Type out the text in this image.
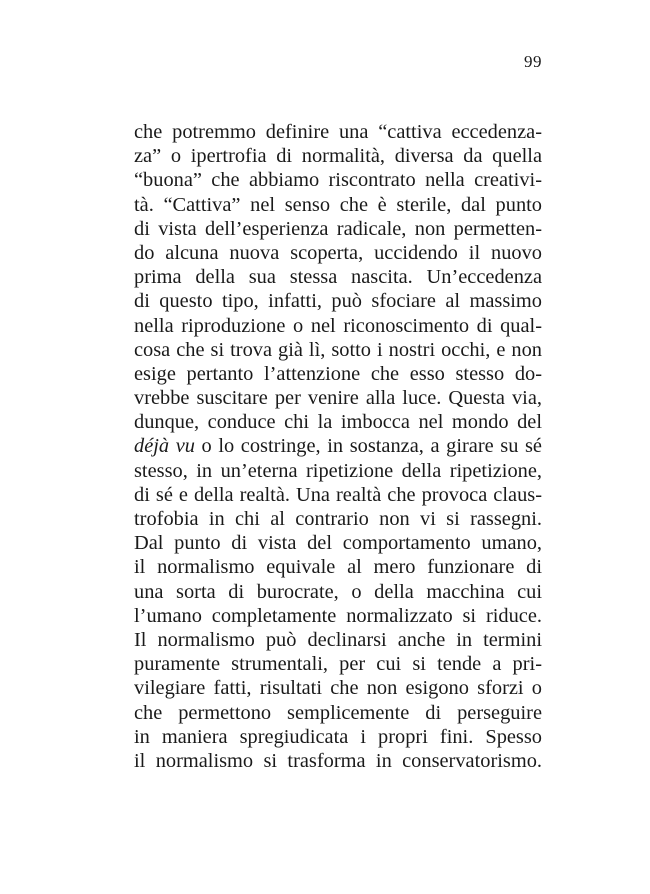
99
che potremmo definire una “cattiva eccedenza-
za” o ipertrofia di normalità, diversa da quella
“buona” che abbiamo riscontrato nella creativi-
tà. “Cattiva” nel senso che è sterile, dal punto
di vista dell’esperienza radicale, non permetten-
do alcuna nuova scoperta, uccidendo il nuovo
prima della sua stessa nascita. Un’eccedenza
di questo tipo, infatti, può sfociare al massimo
nella riproduzione o nel riconoscimento di qual-
cosa che si trova già lì, sotto i nostri occhi, e non
esige pertanto l’attenzione che esso stesso do-
vrebbe suscitare per venire alla luce. Questa via,
dunque, conduce chi la imbocca nel mondo del
déjà vu o lo costringe, in sostanza, a girare su sé
stesso, in un’eterna ripetizione della ripetizione,
di sé e della realtà. Una realtà che provoca claus-
trofobia in chi al contrario non vi si rassegni.
Dal punto di vista del comportamento umano,
il normalismo equivale al mero funzionare di
una sorta di burocrate, o della macchina cui
l’umano completamente normalizzato si riduce.
Il normalismo può declinarsi anche in termini
puramente strumentali, per cui si tende a pri-
vilegiare fatti, risultati che non esigono sforzi o
che permettono semplicemente di perseguire
in maniera spregiudicata i propri fini. Spesso
il normalismo si trasforma in conservatorismo.
